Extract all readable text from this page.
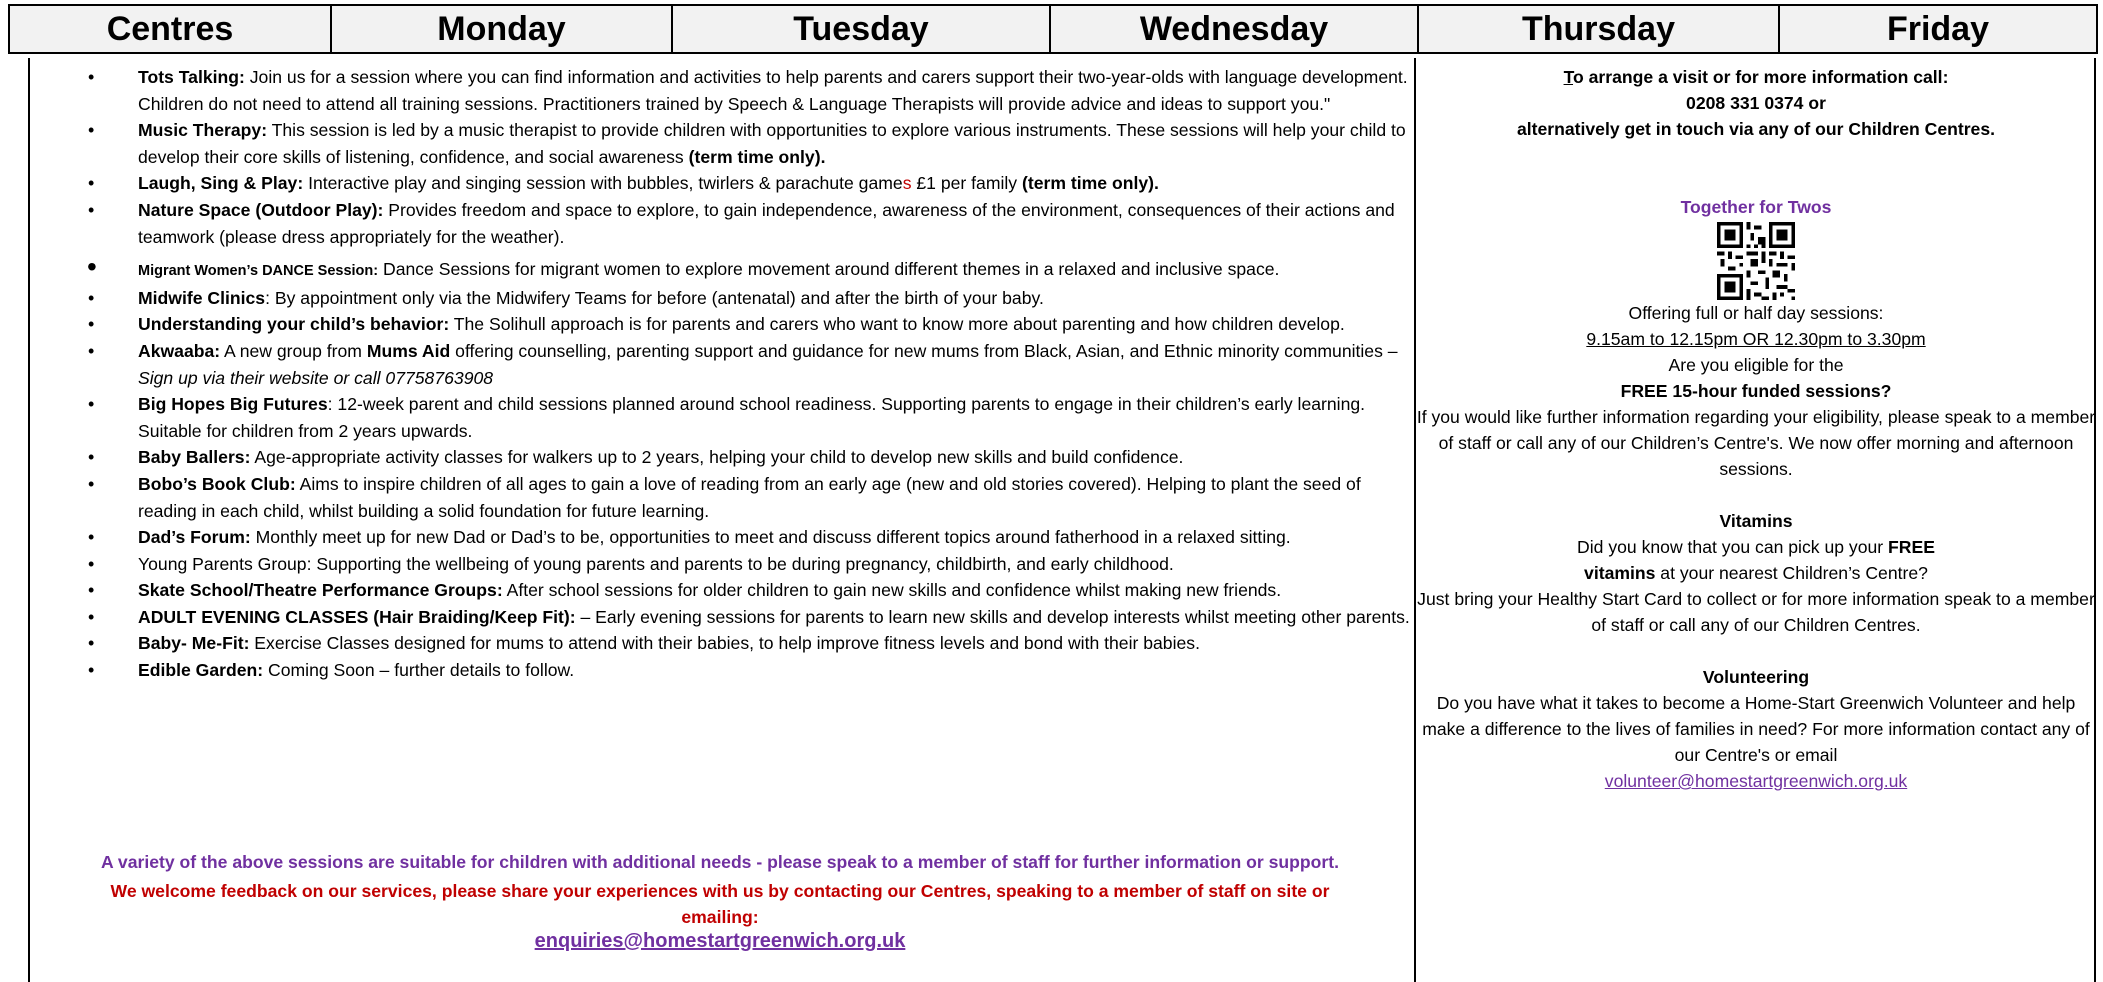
Centres	Monday	Tuesday	Wednesday	Thursday	Friday
• Tots Talking: Join us for a session where you can find information and activities to help parents and carers support their two-year-olds with language development. Children do not need to attend all training sessions. Practitioners trained by Speech & Language Therapists will provide advice and ideas to support you."
• Music Therapy: This session is led by a music therapist to provide children with opportunities to explore various instruments. These sessions will help your child to develop their core skills of listening, confidence, and social awareness (term time only).
• Laugh, Sing & Play: Interactive play and singing session with bubbles, twirlers & parachute games £1 per family (term time only).
• Nature Space (Outdoor Play): Provides freedom and space to explore, to gain independence, awareness of the environment, consequences of their actions and teamwork (please dress appropriately for the weather).
• Migrant Women’s DANCE Session: Dance Sessions for migrant women to explore movement around different themes in a relaxed and inclusive space.
• Midwife Clinics: By appointment only via the Midwifery Teams for before (antenatal) and after the birth of your baby.
• Understanding your child’s behavior: The Solihull approach is for parents and carers who want to know more about parenting and how children develop.
• Akwaaba: A new group from Mums Aid offering counselling, parenting support and guidance for new mums from Black, Asian, and Ethnic minority communities – Sign up via their website or call 07758763908
• Big Hopes Big Futures: 12-week parent and child sessions planned around school readiness. Supporting parents to engage in their children’s early learning. Suitable for children from 2 years upwards.
• Baby Ballers: Age-appropriate activity classes for walkers up to 2 years, helping your child to develop new skills and build confidence.
• Bobo’s Book Club: Aims to inspire children of all ages to gain a love of reading from an early age (new and old stories covered). Helping to plant the seed of reading in each child, whilst building a solid foundation for future learning.
• Dad’s Forum: Monthly meet up for new Dad or Dad’s to be, opportunities to meet and discuss different topics around fatherhood in a relaxed sitting.
• Young Parents Group: Supporting the wellbeing of young parents and parents to be during pregnancy, childbirth, and early childhood.
• Skate School/Theatre Performance Groups: After school sessions for older children to gain new skills and confidence whilst making new friends.
• ADULT EVENING CLASSES (Hair Braiding/Keep Fit): – Early evening sessions for parents to learn new skills and develop interests whilst meeting other parents.
• Baby- Me-Fit: Exercise Classes designed for mums to attend with their babies, to help improve fitness levels and bond with their babies.
• Edible Garden: Coming Soon – further details to follow.
A variety of the above sessions are suitable for children with additional needs - please speak to a member of staff for further information or support.
We welcome feedback on our services, please share your experiences with us by contacting our Centres, speaking to a member of staff on site or
emailing:
enquiries@homestartgreenwich.org.uk
To arrange a visit or for more information call:
0208 331 0374 or
alternatively get in touch via any of our Children Centres.
Together for Twos
Offering full or half day sessions:
9.15am to 12.15pm OR 12.30pm to 3.30pm
Are you eligible for the
FREE 15-hour funded sessions?
If you would like further information regarding your eligibility, please speak to a member of staff or call any of our Children’s Centre's. We now offer morning and afternoon sessions.
Vitamins
Did you know that you can pick up your FREE
vitamins at your nearest Children’s Centre?
Just bring your Healthy Start Card to collect or for more information speak to a member of staff or call any of our Children Centres.
Volunteering
Do you have what it takes to become a Home-Start Greenwich Volunteer and help make a difference to the lives of families in need? For more information contact any of our Centre's or email
volunteer@homestartgreenwich.org.uk
